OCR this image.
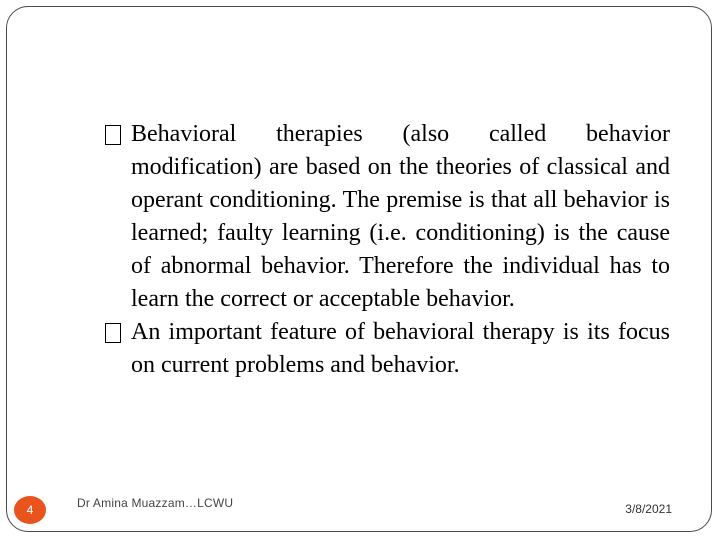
Behavioral therapies (also called behavior modification) are based on the theories of classical and operant conditioning. The premise is that all behavior is learned; faulty learning (i.e. conditioning) is the cause of abnormal behavior. Therefore the individual has to learn the correct or acceptable behavior.

An important feature of behavioral therapy is its focus on current problems and behavior.

4	Dr Amina Muazzam…LCWU	3/8/2021
